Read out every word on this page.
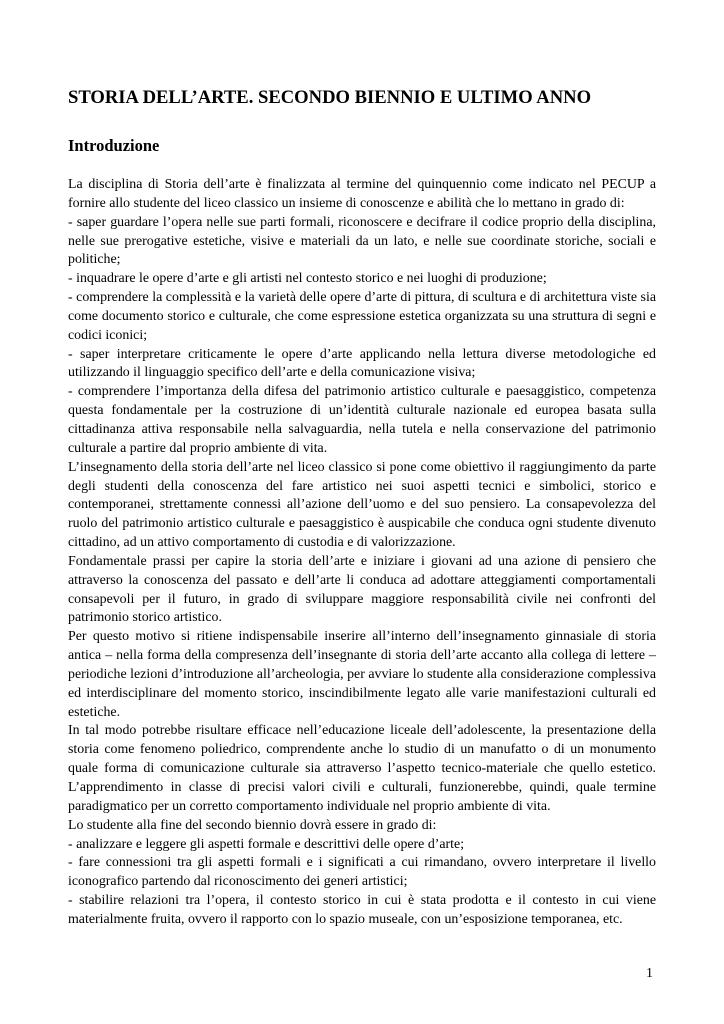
STORIA DELL’ARTE. SECONDO BIENNIO E ULTIMO ANNO
Introduzione

La disciplina di Storia dell’arte è finalizzata al termine del quinquennio come indicato nel PECUP a fornire allo studente del liceo classico un insieme di conoscenze e abilità che lo mettano in grado di:

- saper guardare l’opera nelle sue parti formali, riconoscere e decifrare il codice proprio della disciplina, nelle sue prerogative estetiche, visive e materiali da un lato, e nelle sue coordinate storiche, sociali e politiche;

- inquadrare le opere d’arte e gli artisti nel contesto storico e nei luoghi di produzione;

- comprendere la complessità e la varietà delle opere d’arte di pittura, di scultura e di architettura viste sia come documento storico e culturale, che come espressione estetica organizzata su una struttura di segni e codici iconici;

- saper interpretare criticamente le opere d’arte applicando nella lettura diverse metodologiche ed utilizzando il linguaggio specifico dell’arte e della comunicazione visiva;

- comprendere l’importanza della difesa del patrimonio artistico culturale e paesaggistico, competenza questa fondamentale per la costruzione di un’identità culturale nazionale ed europea basata sulla cittadinanza attiva responsabile nella salvaguardia, nella tutela e nella conservazione del patrimonio culturale a partire dal proprio ambiente di vita.

L’insegnamento della storia dell’arte nel liceo classico si pone come obiettivo il raggiungimento da parte degli studenti della conoscenza del fare artistico nei suoi aspetti tecnici e simbolici, storico e contemporanei, strettamente connessi all’azione dell’uomo e del suo pensiero. La consapevolezza del ruolo del patrimonio artistico culturale e paesaggistico è auspicabile che conduca ogni studente divenuto cittadino, ad un attivo comportamento di custodia e di valorizzazione.

Fondamentale prassi per capire la storia dell’arte e iniziare i giovani ad una azione di pensiero che attraverso la conoscenza del passato e dell’arte li conduca ad adottare atteggiamenti comportamentali consapevoli per il futuro, in grado di sviluppare maggiore responsabilità civile nei confronti del patrimonio storico artistico.

Per questo motivo si ritiene indispensabile inserire all’interno dell’insegnamento ginnasiale di storia antica – nella forma della compresenza dell’insegnante di storia dell’arte accanto alla collega di lettere – periodiche lezioni d’introduzione all’archeologia, per avviare lo studente alla considerazione complessiva ed interdisciplinare del momento storico, inscindibilmente legato alle varie manifestazioni culturali ed estetiche.

In tal modo potrebbe risultare efficace nell’educazione liceale dell’adolescente, la presentazione della storia come fenomeno poliedrico, comprendente anche lo studio di un manufatto o di un monumento quale forma di comunicazione culturale sia attraverso l’aspetto tecnico-materiale che quello estetico. L’apprendimento in classe di precisi valori civili e culturali, funzionerebbe, quindi, quale termine paradigmatico per un corretto comportamento individuale nel proprio ambiente di vita.

Lo studente alla fine del secondo biennio dovrà essere in grado di:

- analizzare e leggere gli aspetti formale e descrittivi delle opere d’arte;

- fare connessioni tra gli aspetti formali e i significati a cui rimandano, ovvero interpretare il livello iconografico partendo dal riconoscimento dei generi artistici;

- stabilire relazioni tra l’opera, il contesto storico in cui è stata prodotta e il contesto in cui viene materialmente fruita, ovvero il rapporto con lo spazio museale, con un’esposizione temporanea, etc.

1
